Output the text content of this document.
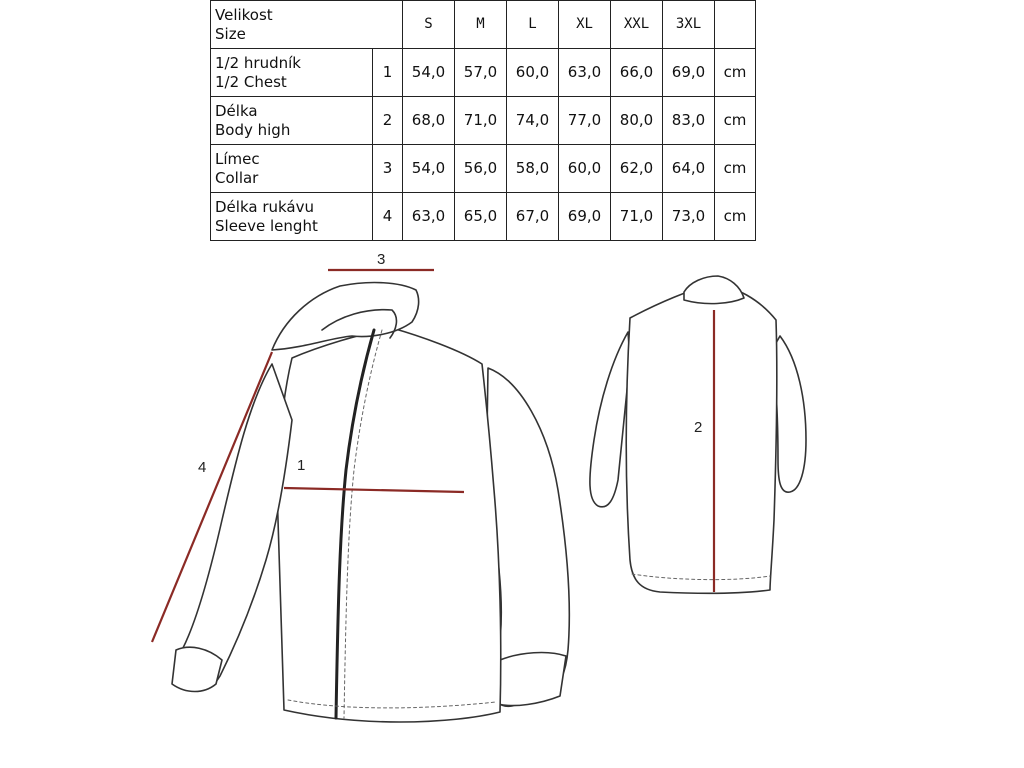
Velikost
Size		S	M	L	XL	XXL	3XL	

1/2 hrudník
1/2 Chest	1	54,0	57,0	60,0	63,0	66,0	69,0	cm

Délka
Body high	2	68,0	71,0	74,0	77,0	80,0	83,0	cm

Límec
Collar	3	54,0	56,0	58,0	60,0	62,0	64,0	cm

Délka rukávu
Sleeve lenght	4	63,0	65,0	67,0	69,0	71,0	73,0	cm
3
4	1
2
